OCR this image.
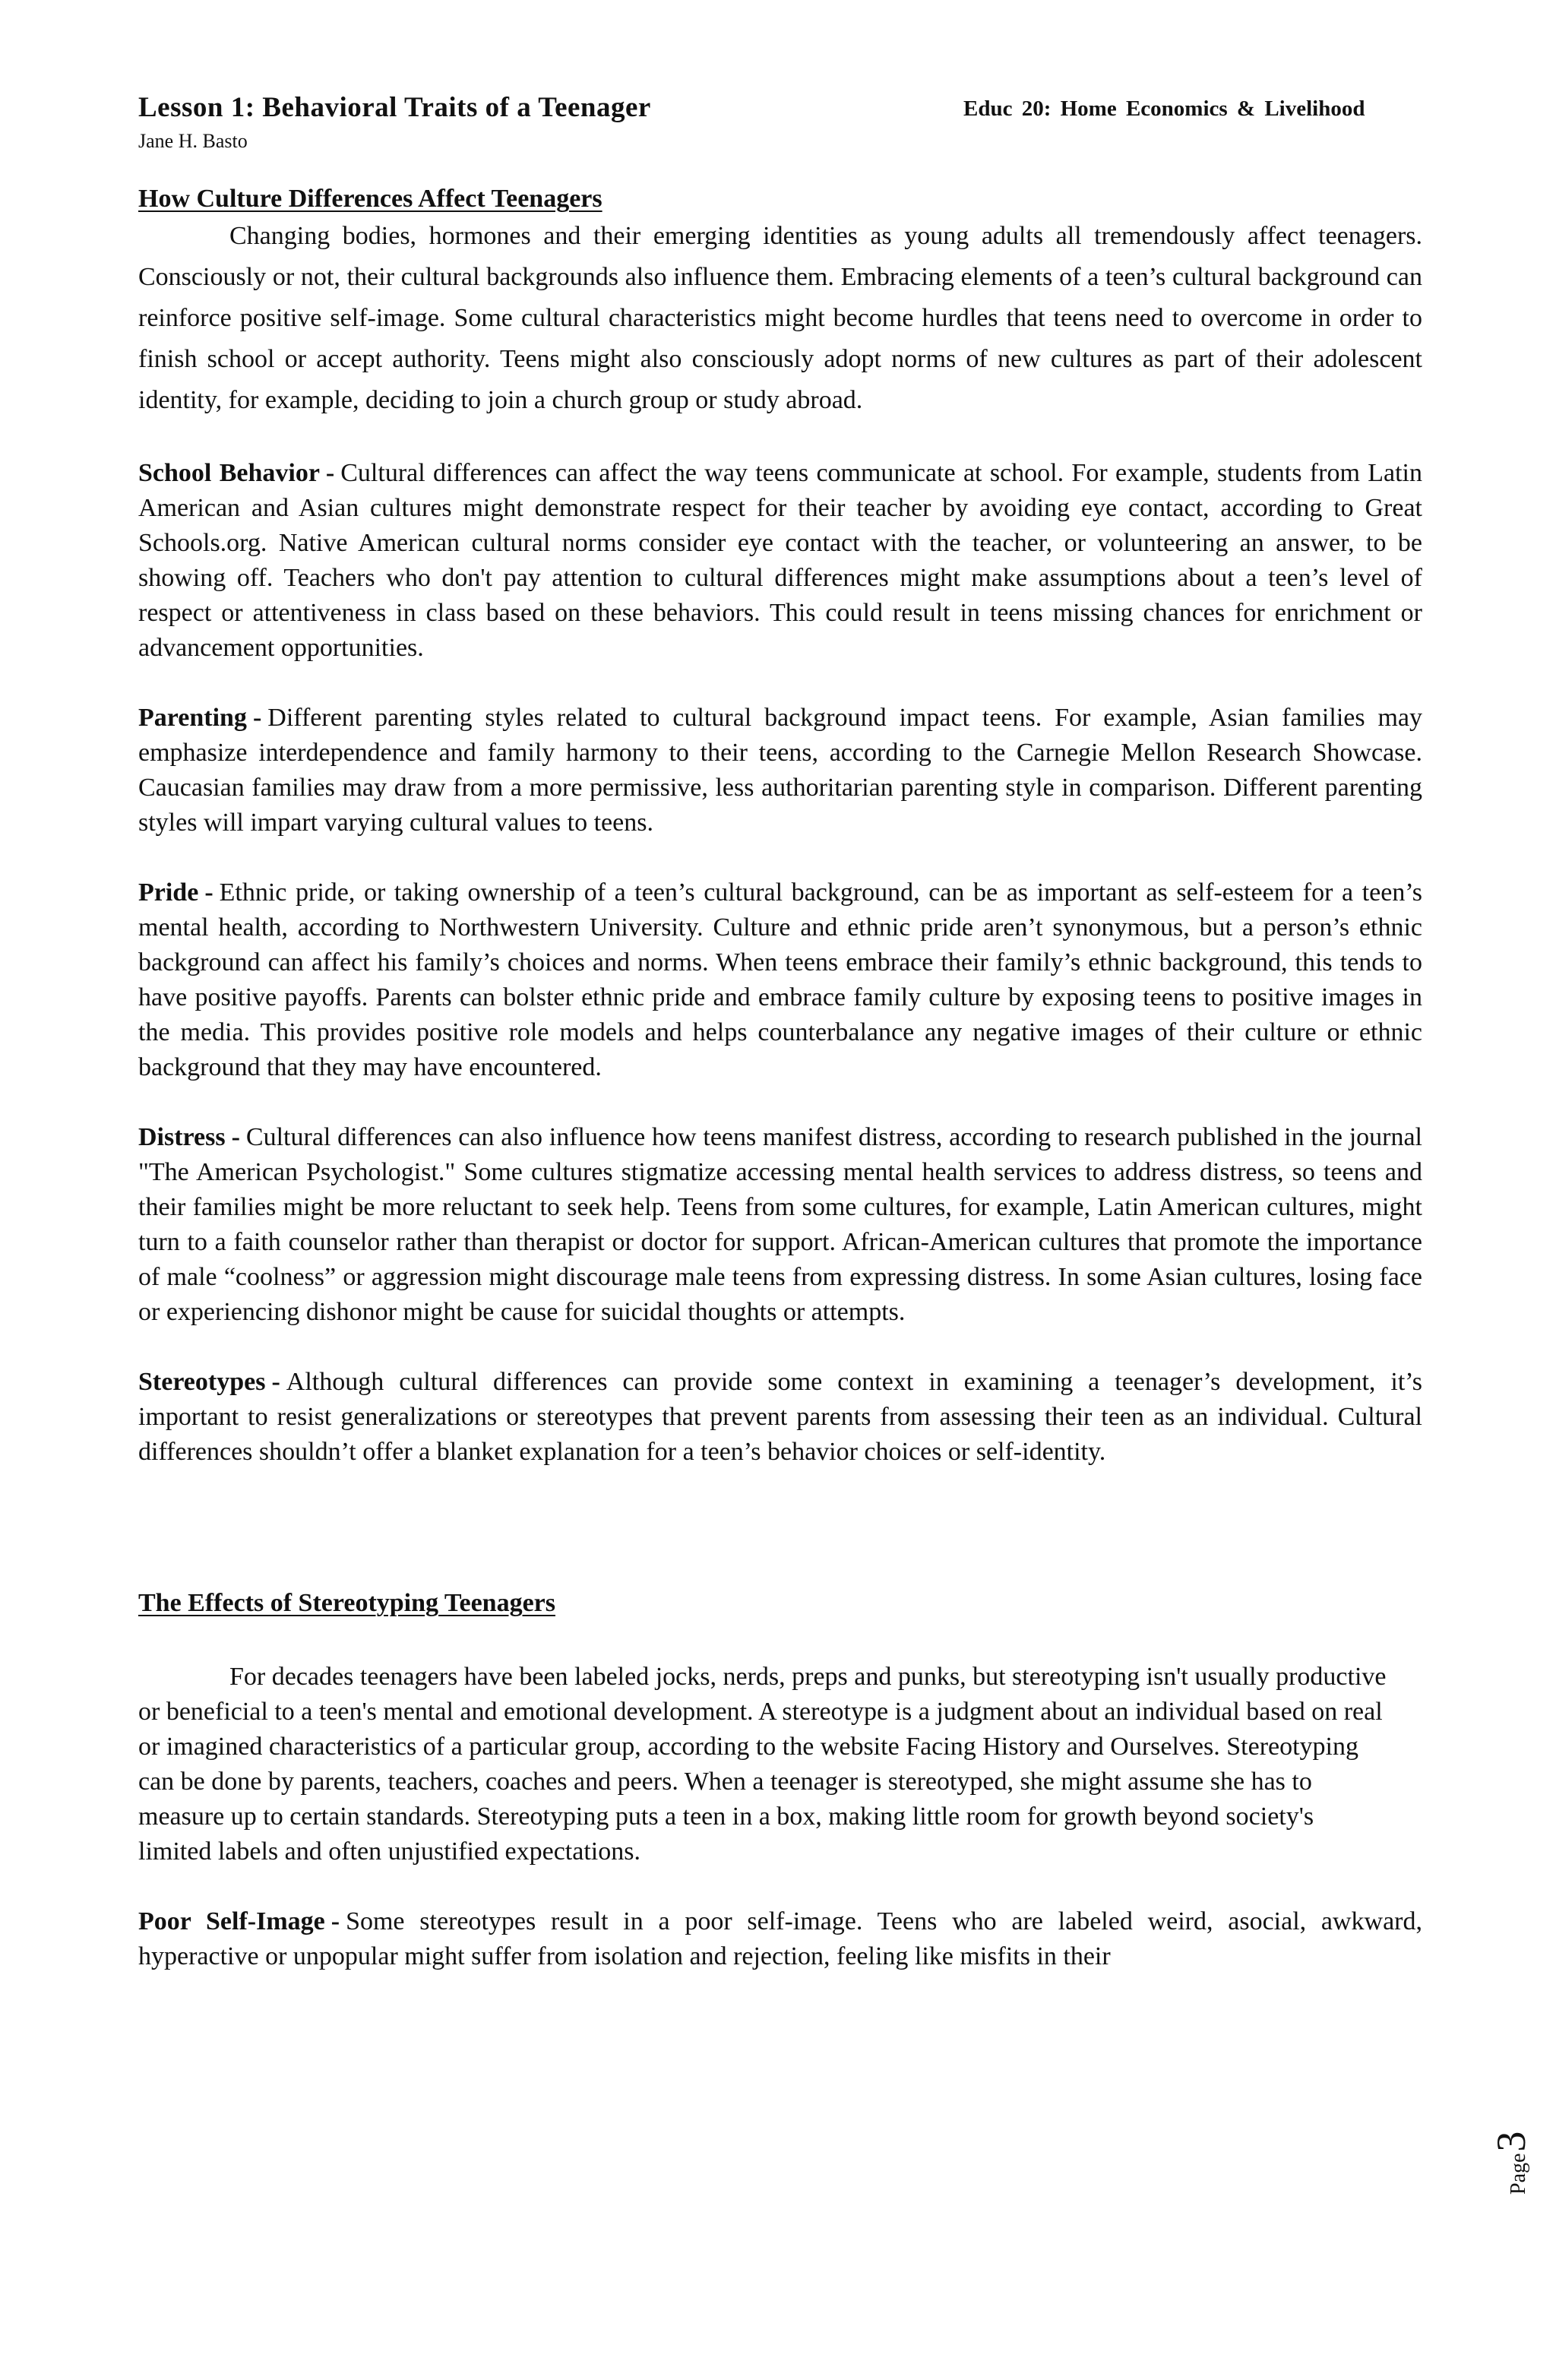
Lesson 1: Behavioral Traits of a Teenager
Jane H. Basto
Educ 20: Home Economics & Livelihood
How Culture Differences Affect Teenagers

Changing bodies, hormones and their emerging identities as young adults all tremendously affect teenagers. Consciously or not, their cultural backgrounds also influence them. Embracing elements of a teen’s cultural background can reinforce positive self-image. Some cultural characteristics might become hurdles that teens need to overcome in order to finish school or accept authority. Teens might also consciously adopt norms of new cultures as part of their adolescent identity, for example, deciding to join a church group or study abroad.

School Behavior - Cultural differences can affect the way teens communicate at school. For example, students from Latin American and Asian cultures might demonstrate respect for their teacher by avoiding eye contact, according to Great Schools.org. Native American cultural norms consider eye contact with the teacher, or volunteering an answer, to be showing off. Teachers who don't pay attention to cultural differences might make assumptions about a teen’s level of respect or attentiveness in class based on these behaviors. This could result in teens missing chances for enrichment or advancement opportunities.

Parenting - Different parenting styles related to cultural background impact teens. For example, Asian families may emphasize interdependence and family harmony to their teens, according to the Carnegie Mellon Research Showcase. Caucasian families may draw from a more permissive, less authoritarian parenting style in comparison. Different parenting styles will impart varying cultural values to teens.

Pride - Ethnic pride, or taking ownership of a teen’s cultural background, can be as important as self-esteem for a teen’s mental health, according to Northwestern University. Culture and ethnic pride aren’t synonymous, but a person’s ethnic background can affect his family’s choices and norms. When teens embrace their family’s ethnic background, this tends to have positive payoffs. Parents can bolster ethnic pride and embrace family culture by exposing teens to positive images in the media. This provides positive role models and helps counterbalance any negative images of their culture or ethnic background that they may have encountered.

Distress - Cultural differences can also influence how teens manifest distress, according to research published in the journal "The American Psychologist." Some cultures stigmatize accessing mental health services to address distress, so teens and their families might be more reluctant to seek help. Teens from some cultures, for example, Latin American cultures, might turn to a faith counselor rather than therapist or doctor for support. African-American cultures that promote the importance of male “coolness” or aggression might discourage male teens from expressing distress. In some Asian cultures, losing face or experiencing dishonor might be cause for suicidal thoughts or attempts.

Stereotypes - Although cultural differences can provide some context in examining a teenager’s development, it’s important to resist generalizations or stereotypes that prevent parents from assessing their teen as an individual. Cultural differences shouldn’t offer a blanket explanation for a teen’s behavior choices or self-identity.

The Effects of Stereotyping Teenagers

For decades teenagers have been labeled jocks, nerds, preps and punks, but stereotyping isn't usually productive or beneficial to a teen's mental and emotional development. A stereotype is a judgment about an individual based on real or imagined characteristics of a particular group, according to the website Facing History and Ourselves. Stereotyping can be done by parents, teachers, coaches and peers. When a teenager is stereotyped, she might assume she has to measure up to certain standards. Stereotyping puts a teen in a box, making little room for growth beyond society's limited labels and often unjustified expectations.

Poor Self-Image - Some stereotypes result in a poor self-image. Teens who are labeled weird, asocial, awkward, hyperactive or unpopular might suffer from isolation and rejection, feeling like misfits in their

Page3
